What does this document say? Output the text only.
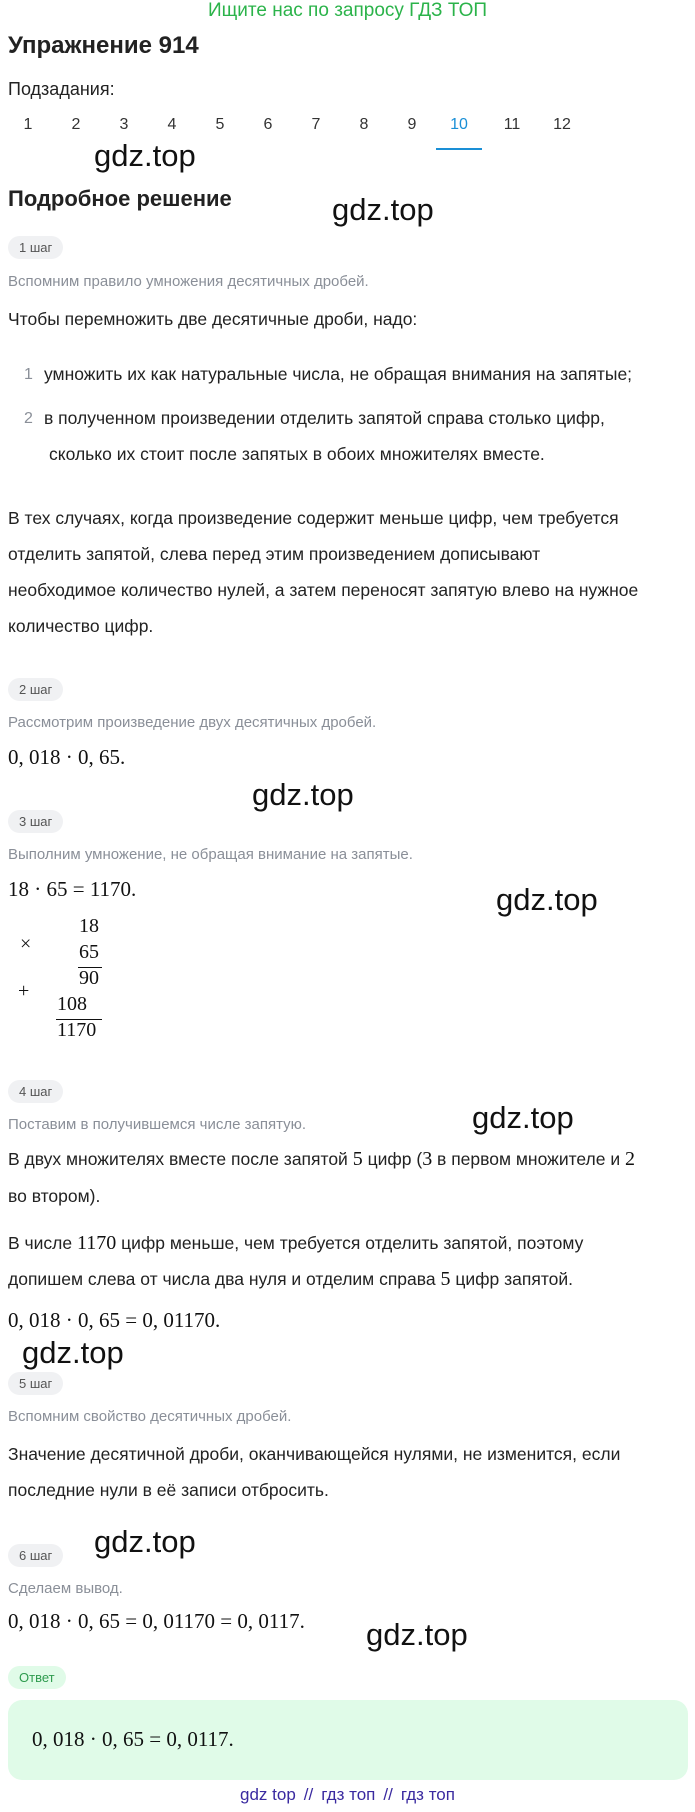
Ищите нас по запросу ГДЗ ТОП
Упражнение 914
Подзадания:
1	2	3	4	5	6	7	8	9	10	11	12
gdz.top
Подробное решение	gdz.top
1 шаг
Вспомним правило умножения десятичных дробей.
Чтобы перемножить две десятичные дроби, надо:
1 умножить их как натуральные числа, не обращая внимания на запятые;
2 в полученном произведении отделить запятой справа столько цифр,
сколько их стоит после запятых в обоих множителях вместе.
В тех случаях, когда произведение содержит меньше цифр, чем требуется
отделить запятой, слева перед этим произведением дописывают
необходимое количество нулей, а затем переносят запятую влево на нужное
количество цифр.
2 шаг
Рассмотрим произведение двух десятичных дробей.
0, 018 · 0, 65.
gdz.top
3 шаг
Выполним умножение, не обращая внимание на запятые.
18 · 65 = 1170.	gdz.top
×
18
65
90
+
108
1170
4 шаг
gdz.top
Поставим в получившемся числе запятую.
В двух множителях вместе после запятой 5 цифр (3 в первом множителе и 2
во втором).
В числе 1170 цифр меньше, чем требуется отделить запятой, поэтому
допишем слева от числа два нуля и отделим справа 5 цифр запятой.
0, 018 · 0, 65 = 0, 01170.
gdz.top
5 шаг
Вспомним свойство десятичных дробей.
Значение десятичной дроби, оканчивающейся нулями, не изменится, если
последние нули в её записи отбросить.
6 шаг	gdz.top
Сделаем вывод.
0, 018 · 0, 65 = 0, 01170 = 0, 0117. gdz.top
Ответ
0, 018 · 0, 65 = 0, 0117.
gdz top // гдз топ // гдз топ
